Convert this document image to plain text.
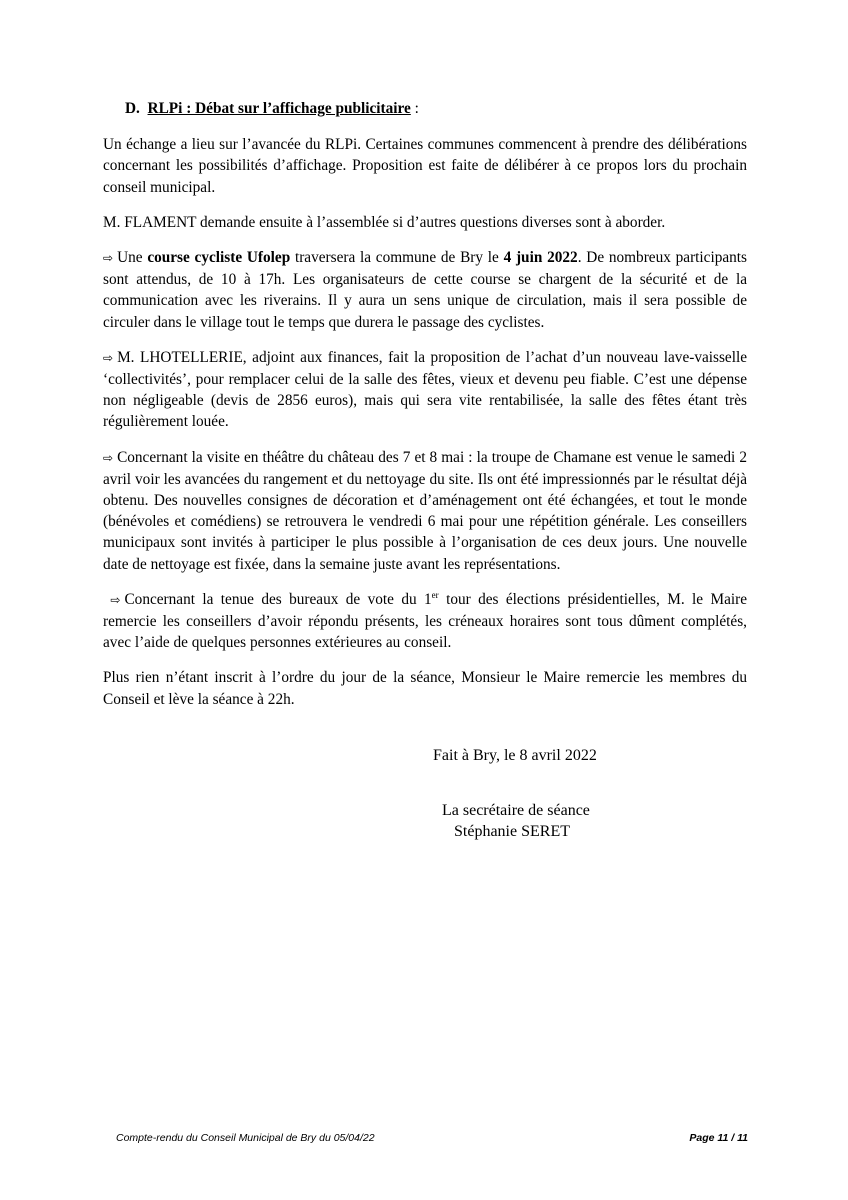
D. RLPi : Débat sur l’affichage publicitaire :

Un échange a lieu sur l’avancée du RLPi. Certaines communes commencent à prendre des délibérations concernant les possibilités d’affichage. Proposition est faite de délibérer à ce propos lors du prochain conseil municipal.

M. FLAMENT demande ensuite à l’assemblée si d’autres questions diverses sont à aborder.

⇨ Une course cycliste Ufolep traversera la commune de Bry le 4 juin 2022. De nombreux participants sont attendus, de 10 à 17h. Les organisateurs de cette course se chargent de la sécurité et de la communication avec les riverains. Il y aura un sens unique de circulation, mais il sera possible de circuler dans le village tout le temps que durera le passage des cyclistes.

⇨ M. LHOTELLERIE, adjoint aux finances, fait la proposition de l’achat d’un nouveau lave-vaisselle ‘collectivités’, pour remplacer celui de la salle des fêtes, vieux et devenu peu fiable. C’est une dépense non négligeable (devis de 2856 euros), mais qui sera vite rentabilisée, la salle des fêtes étant très régulièrement louée.

⇨ Concernant la visite en théâtre du château des 7 et 8 mai : la troupe de Chamane est venue le samedi 2 avril voir les avancées du rangement et du nettoyage du site. Ils ont été impressionnés par le résultat déjà obtenu. Des nouvelles consignes de décoration et d’aménagement ont été échangées, et tout le monde (bénévoles et comédiens) se retrouvera le vendredi 6 mai pour une répétition générale. Les conseillers municipaux sont invités à participer le plus possible à l’organisation de ces deux jours. Une nouvelle date de nettoyage est fixée, dans la semaine juste avant les représentations.

⇨ Concernant la tenue des bureaux de vote du 1er tour des élections présidentielles, M. le Maire remercie les conseillers d’avoir répondu présents, les créneaux horaires sont tous dûment complétés, avec l’aide de quelques personnes extérieures au conseil.

Plus rien n’étant inscrit à l’ordre du jour de la séance, Monsieur le Maire remercie les membres du Conseil et lève la séance à 22h.

Fait à Bry, le 8 avril 2022
La secrétaire de séance
Stéphanie SERET
Compte-rendu du Conseil Municipal de Bry du 05/04/22	Page 11 / 11
